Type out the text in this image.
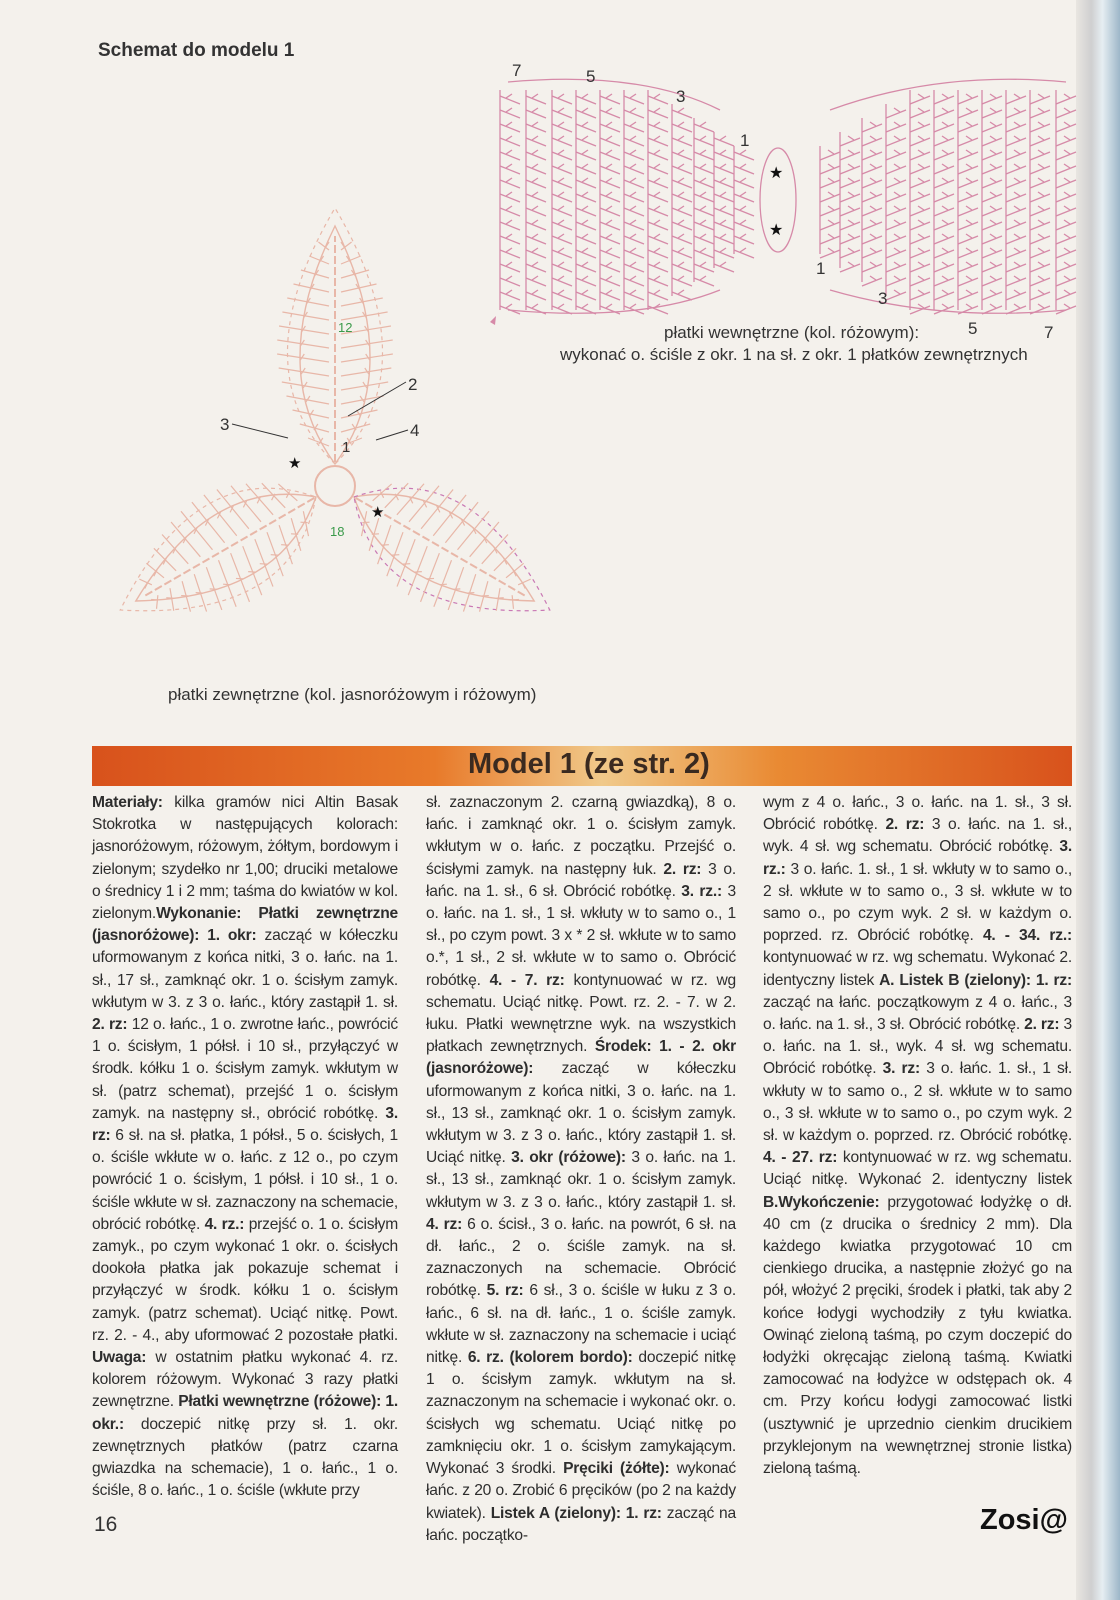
Schemat do modelu 1
7	5
3
1
1
3
5	7
★
★
płatki wewnętrzne (kol. różowym):
wykonać o. ściśle z okr. 1 na sł. z okr. 1 płatków zewnętrznych
12
2
3	4
1
18
★
★
płatki zewnętrzne (kol. jasnoróżowym i różowym)
Model 1 (ze str. 2)
Materiały: kilka gramów nici Altin Basak Stokrotka w następujących kolorach: jasnoróżowym, różowym, żółtym, bordowym i zielonym; szydełko nr 1,00; druciki metalowe o średnicy 1 i 2 mm; taśma do kwiatów w kol. zielonym.Wykonanie: Płatki zewnętrzne (jasnoróżowe): 1. okr: zacząć w kółeczku uformowanym z końca nitki, 3 o. łańc. na 1. sł., 17 sł., zamknąć okr. 1 o. ścisłym zamyk. wkłutym w 3. z 3 o. łańc., który zastąpił 1. sł. 2. rz: 12 o. łańc., 1 o. zwrotne łańc., powrócić 1 o. ścisłym, 1 półsł. i 10 sł., przyłączyć w środk. kółku 1 o. ścisłym zamyk. wkłutym w sł. (patrz schemat), przejść 1 o. ścisłym zamyk. na następny sł., obrócić robótkę. 3. rz: 6 sł. na sł. płatka, 1 półsł., 5 o. ścisłych, 1 o. ściśle wkłute w o. łańc. z 12 o., po czym powrócić 1 o. ścisłym, 1 półsł. i 10 sł., 1 o. ściśle wkłute w sł. zaznaczony na schemacie, obrócić robótkę. 4. rz.: przejść o. 1 o. ścisłym zamyk., po czym wykonać 1 okr. o. ścisłych dookoła płatka jak pokazuje schemat i przyłączyć w środk. kółku 1 o. ścisłym zamyk. (patrz schemat). Uciąć nitkę. Powt. rz. 2. - 4., aby uformować 2 pozostałe płatki. Uwaga: w ostatnim płatku wykonać 4. rz. kolorem różowym. Wykonać 3 razy płatki zewnętrzne. Płatki wewnętrzne (różowe): 1. okr.: doczepić nitkę przy sł. 1. okr. zewnętrznych płatków (patrz czarna gwiazdka na schemacie), 1 o. łańc., 1 o. ściśle, 8 o. łańc., 1 o. ściśle (wkłute przy
sł. zaznaczonym 2. czarną gwiazdką), 8 o. łańc. i zamknąć okr. 1 o. ścisłym zamyk. wkłutym w o. łańc. z początku. Przejść o. ścisłymi zamyk. na następny łuk. 2. rz: 3 o. łańc. na 1. sł., 6 sł. Obrócić robótkę. 3. rz.: 3 o. łańc. na 1. sł., 1 sł. wkłuty w to samo o., 1 sł., po czym powt. 3 x * 2 sł. wkłute w to samo o.*, 1 sł., 2 sł. wkłute w to samo o. Obrócić robótkę. 4. - 7. rz: kontynuować w rz. wg schematu. Uciąć nitkę. Powt. rz. 2. - 7. w 2. łuku. Płatki wewnętrzne wyk. na wszystkich płatkach zewnętrznych. Środek: 1. - 2. okr (jasnoróżowe): zacząć w kółeczku uformowanym z końca nitki, 3 o. łańc. na 1. sł., 13 sł., zamknąć okr. 1 o. ścisłym zamyk. wkłutym w 3. z 3 o. łańc., który zastąpił 1. sł. Uciąć nitkę. 3. okr (różowe): 3 o. łańc. na 1. sł., 13 sł., zamknąć okr. 1 o. ścisłym zamyk. wkłutym w 3. z 3 o. łańc., który zastąpił 1. sł. 4. rz: 6 o. ścisł., 3 o. łańc. na powrót, 6 sł. na dł. łańc., 2 o. ściśle zamyk. na sł. zaznaczonych na schemacie. Obrócić robótkę. 5. rz: 6 sł., 3 o. ściśle w łuku z 3 o. łańc., 6 sł. na dł. łańc., 1 o. ściśle zamyk. wkłute w sł. zaznaczony na schemacie i uciąć nitkę. 6. rz. (kolorem bordo): doczepić nitkę 1 o. ścisłym zamyk. wkłutym na sł. zaznaczonym na schemacie i wykonać okr. o. ścisłych wg schematu. Uciąć nitkę po zamknięciu okr. 1 o. ścisłym zamykającym. Wykonać 3 środki. Pręciki (żółte): wykonać łańc. z 20 o. Zrobić 6 pręcików (po 2 na każdy kwiatek). Listek A (zielony): 1. rz: zacząć na łańc. początko-
wym z 4 o. łańc., 3 o. łańc. na 1. sł., 3 sł. Obrócić robótkę. 2. rz: 3 o. łańc. na 1. sł., wyk. 4 sł. wg schematu. Obrócić robótkę. 3. rz.: 3 o. łańc. 1. sł., 1 sł. wkłuty w to samo o., 2 sł. wkłute w to samo o., 3 sł. wkłute w to samo o., po czym wyk. 2 sł. w każdym o. poprzed. rz. Obrócić robótkę. 4. - 34. rz.: kontynuować w rz. wg schematu. Wykonać 2. identyczny listek A. Listek B (zielony): 1. rz: zacząć na łańc. początkowym z 4 o. łańc., 3 o. łańc. na 1. sł., 3 sł. Obrócić robótkę. 2. rz: 3 o. łańc. na 1. sł., wyk. 4 sł. wg schematu. Obrócić robótkę. 3. rz: 3 o. łańc. 1. sł., 1 sł. wkłuty w to samo o., 2 sł. wkłute w to samo o., 3 sł. wkłute w to samo o., po czym wyk. 2 sł. w każdym o. poprzed. rz. Obrócić robótkę. 4. - 27. rz: kontynuować w rz. wg schematu. Uciąć nitkę. Wykonać 2. identyczny listek B.Wykończenie: przygotować łodyżkę o dł. 40 cm (z drucika o średnicy 2 mm). Dla każdego kwiatka przygotować 10 cm cienkiego drucika, a następnie złożyć go na pół, włożyć 2 pręciki, środek i płatki, tak aby 2 końce łodygi wychodziły z tyłu kwiatka. Owinąć zieloną taśmą, po czym doczepić do łodyżki okręcając zieloną taśmą. Kwiatki zamocować na łodyżce w odstępach ok. 4 cm. Przy końcu łodygi zamocować listki (usztywnić je uprzednio cienkim drucikiem przyklejonym na wewnętrznej stronie listka) zieloną taśmą.
16	Zosi@
